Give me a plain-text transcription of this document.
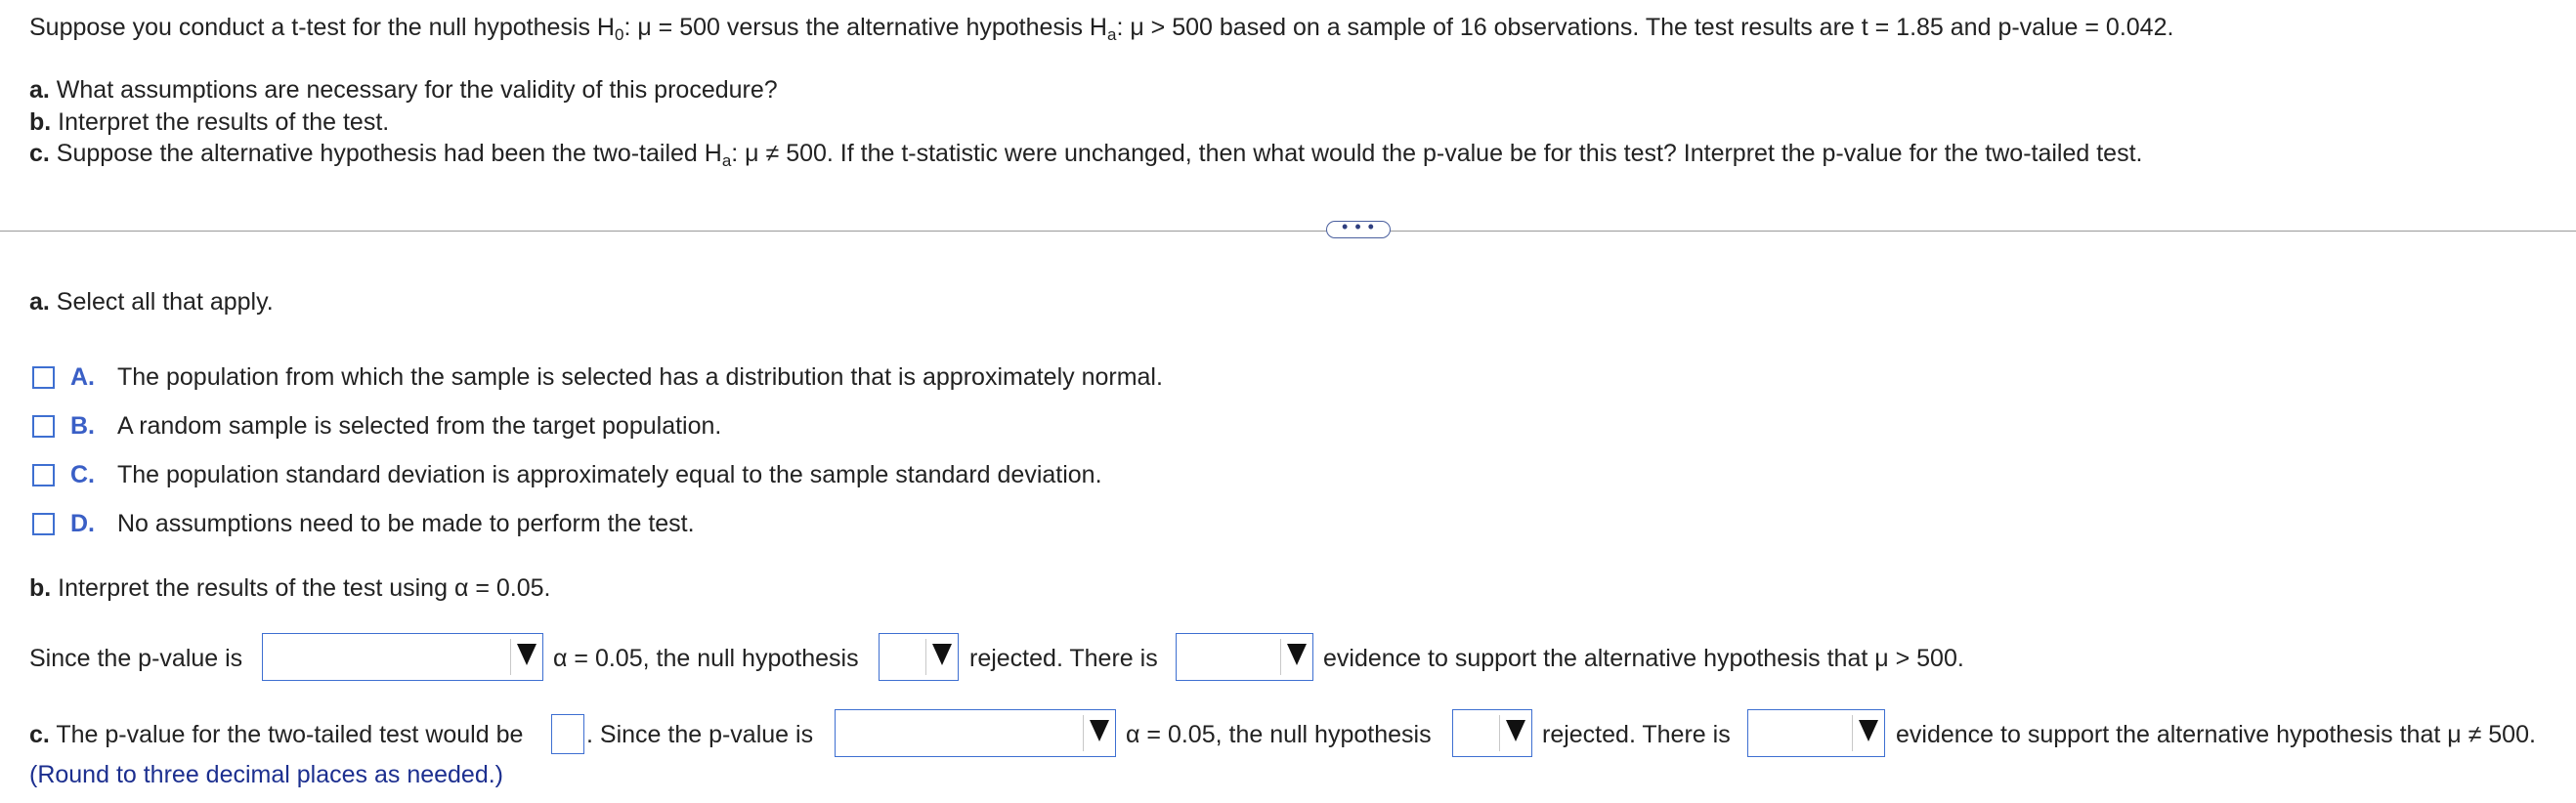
Suppose you conduct a t-test for the null hypothesis $H_0$: μ = 500 versus the alternative hypothesis $H_a$: μ > 500 based on a sample of 16 observations. The test results are t = 1.85 and p-value = 0.042.
a. What assumptions are necessary for the validity of this procedure?
b. Interpret the results of the test.
c. Suppose the alternative hypothesis had been the two-tailed $H_a$: μ ≠ 500. If the t-statistic were unchanged, then what would the p-value be for this test? Interpret the p-value for the two-tailed test.
• • •
a. Select all that apply.
A. The population from which the sample is selected has a distribution that is approximately normal.
B. A random sample is selected from the target population.
C. The population standard deviation is approximately equal to the sample standard deviation.
D. No assumptions need to be made to perform the test.
b. Interpret the results of the test using α = 0.05.
Since the p-value is	α = 0.05, the null hypothesis	rejected. There is	evidence to support the alternative hypothesis that μ > 500.
c. The p-value for the two-tailed test would be	. Since the p-value is	α = 0.05, the null hypothesis	rejected. There is	evidence to support the alternative hypothesis that μ ≠ 500.
(Round to three decimal places as needed.)
